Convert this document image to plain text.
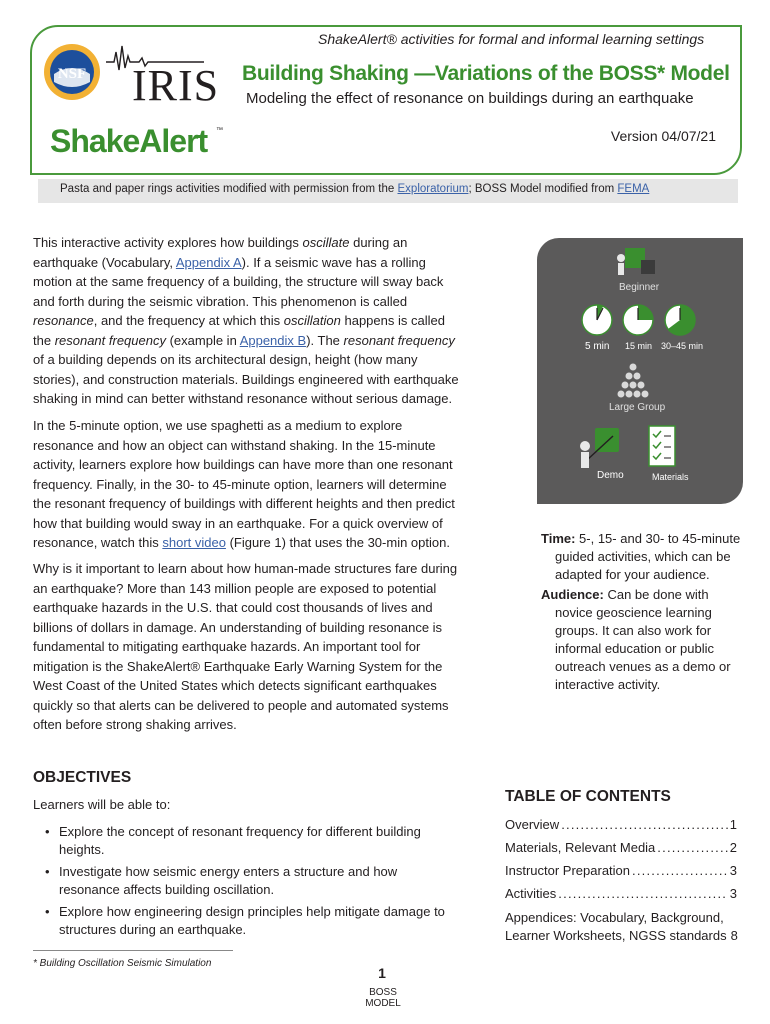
ShakeAlert® activities for formal and informal learning settings
NSF IRIS
ShakeAlert ™
Building Shaking —Variations of the BOSS* Model
Modeling the effect of resonance on buildings during an earthquake
Version 04/07/21
Pasta and paper rings activities modified with permission from the Exploratorium; BOSS Model modified from FEMA

This interactive activity explores how buildings oscillate during an earthquake (Vocabulary, Appendix A). If a seismic wave has a rolling motion at the same frequency of a building, the structure will sway back and forth during the seismic vibration. This phenomenon is called resonance, and the frequency at which this oscillation happens is called the resonant frequency (example in Appendix B). The resonant frequency of a building depends on its architectural design, height (how many stories), and construction materials. Buildings engineered with earthquake shaking in mind can better withstand resonance without serious damage.

In the 5-minute option, we use spaghetti as a medium to explore resonance and how an object can withstand shaking. In the 15-minute activity, learners explore how buildings can have more than one resonant frequency. Finally, in the 30- to 45-minute option, learners will determine the resonant frequency of buildings with different heights and then predict how that building would sway in an earthquake. For a quick overview of resonance, watch this short video (Figure 1) that uses the 30-min option.

Why is it important to learn about how human-made structures fare during an earthquake? More than 143 million people are exposed to potential earthquake hazards in the U.S. that could cost thousands of lives and billions of dollars in damage. An understanding of building resonance is fundamental to mitigating earthquake hazards. An important tool for mitigation is the ShakeAlert® Earthquake Early Warning System for the West Coast of the United States which detects significant earthquakes quickly so that alerts can be delivered to people and automated systems often before strong shaking arrives.

Beginner
5 min 15 min 30–45 min
Large Group
Demo	Materials
Time: 5-, 15- and 30- to 45-minute guided activities, which can be adapted for your audience.
Audience: Can be done with novice geoscience learning groups. It can also work for informal education or public outreach venues as a demo or interactive activity.
OBJECTIVES
Learners will be able to:
• Explore the concept of resonant frequency for different building heights.
• Investigate how seismic energy enters a structure and how resonance affects building oscillation.
• Explore how engineering design principles help mitigate damage to structures during an earthquake.
* Building Oscillation Seismic Simulation
TABLE OF CONTENTS
Overview . . .	1
Materials, Relevant Media . . .	2
Instructor Preparation . . .	3
Activities . . .	3
Appendices: Vocabulary, Background,
Learner Worksheets, NGSS standards 8
1
BOSS MODEL
